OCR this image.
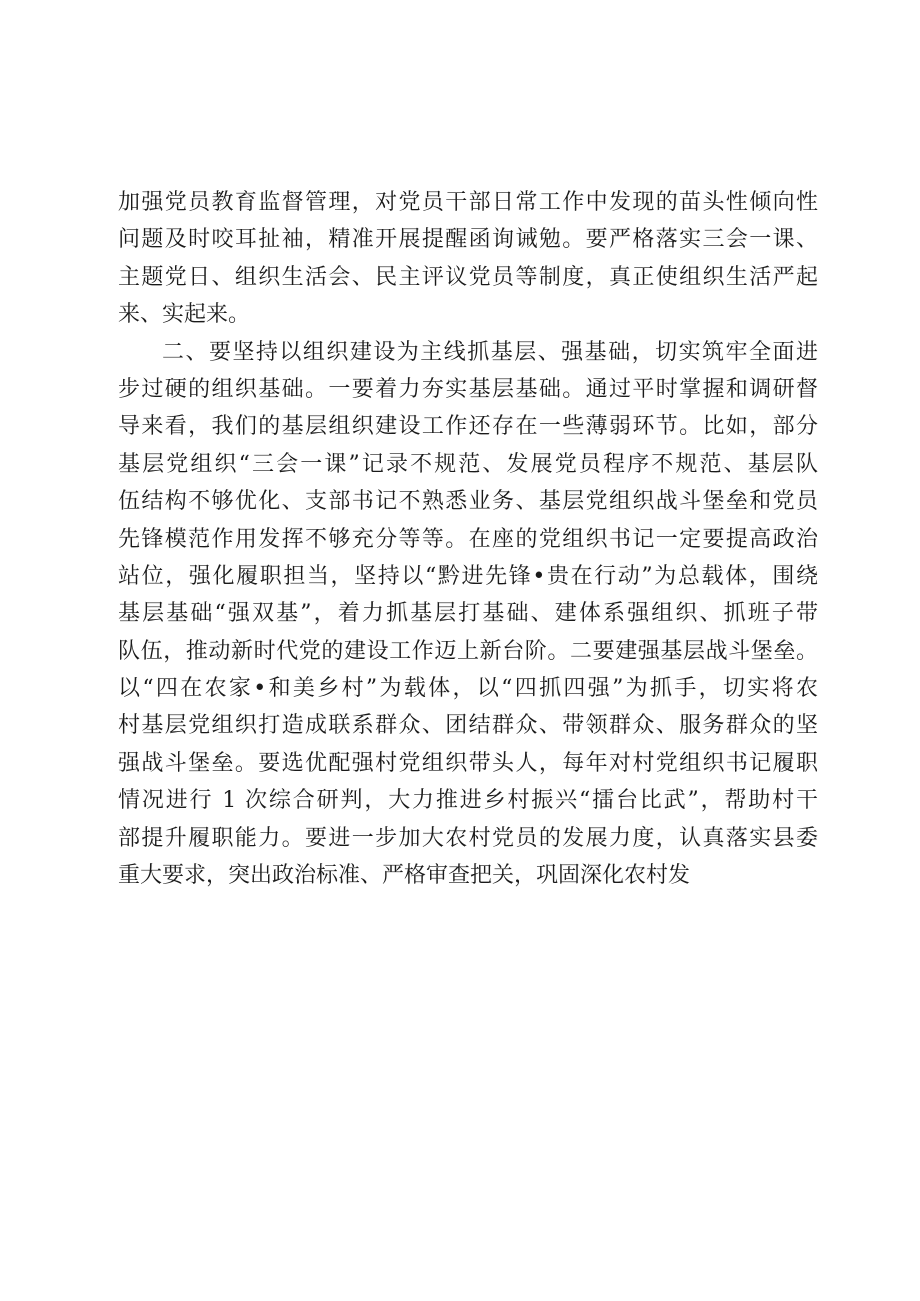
加强党员教育监督管理，对党员干部日常工作中发现的苗头性倾向性
问题及时咬耳扯袖，精准开展提醒函询诫勉。要严格落实三会一课、
主题党日、组织生活会、民主评议党员等制度，真正使组织生活严起
来、实起来。
二、要坚持以组织建设为主线抓基层、强基础，切实筑牢全面进
步过硬的组织基础。一要着力夯实基层基础。通过平时掌握和调研督
导来看，我们的基层组织建设工作还存在一些薄弱环节。比如，部分
基层党组织“三会一课”记录不规范、发展党员程序不规范、基层队
伍结构不够优化、支部书记不熟悉业务、基层党组织战斗堡垒和党员
先锋模范作用发挥不够充分等等。在座的党组织书记一定要提高政治
站位，强化履职担当，坚持以“黔进先锋•贵在行动”为总载体，围绕
基层基础“强双基”，着力抓基层打基础、建体系强组织、抓班子带
队伍，推动新时代党的建设工作迈上新台阶。二要建强基层战斗堡垒。
以“四在农家•和美乡村”为载体，以“四抓四强”为抓手，切实将农
村基层党组织打造成联系群众、团结群众、带领群众、服务群众的坚
强战斗堡垒。要选优配强村党组织带头人，每年对村党组织书记履职
情况进行 1 次综合研判，大力推进乡村振兴“擂台比武”，帮助村干
部提升履职能力。要进一步加大农村党员的发展力度，认真落实县委
重大要求，突出政治标准、严格审查把关，巩固深化农村发
